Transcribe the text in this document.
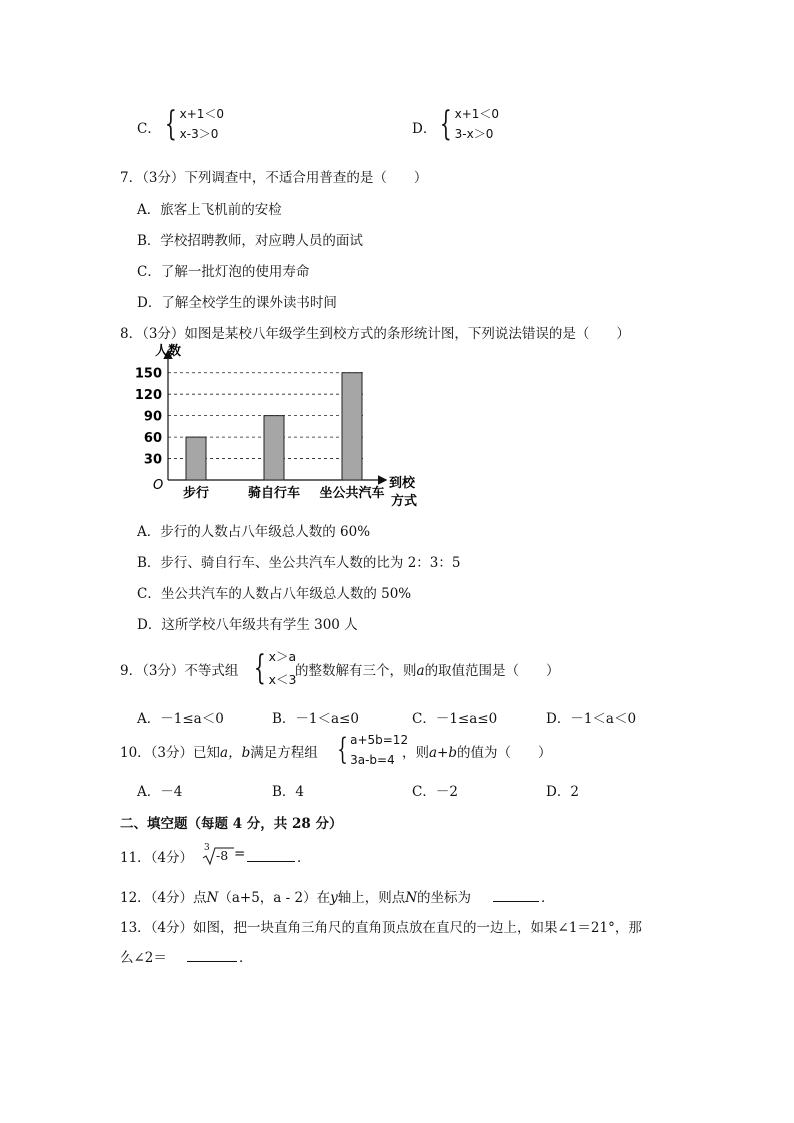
C． { x+1＜0
x-3＞0	D． { x+1＜0
3-x＞0
7．（3分）下列调查中，不适合用普查的是（　　）
A．旅客上飞机前的安检
B．学校招聘教师，对应聘人员的面试
C．了解一批灯泡的使用寿命
D．了解全校学生的课外读书时间
8．（3分）如图是某校八年级学生到校方式的条形统计图，下列说法错误的是（　　）
30
60
90
120
150
步行	骑自行车 坐公共汽车
人数
O	到校
方式
A．步行的人数占八年级总人数的 60%
B．步行、骑自行车、坐公共汽车人数的比为 2：3：5
C．坐公共汽车的人数占八年级总人数的 50%
D．这所学校八年级共有学生 300 人
9．（3分）不等式组 { x＞a
x＜3
的整数解有三个，则a的取值范围是（　　）
A．－1≤a＜0	B．－1＜a≤0	C．－1≤a≤0	D．－1＜a＜0
10．（3分）已知a，b满足方程组 { a+5b=12
3a-b=4 ，则a+b的值为（　　）
A．－4	B．4	C．－2	D．2
二、填空题（每题 4 分，共 28 分）
11．（4分）
3 -8 =	．
12．（4分）点N（a+5，a - 2）在y轴上，则点N的坐标为	．
13．（4分）如图，把一块直角三角尺的直角顶点放在直尺的一边上，如果∠1＝21°，那
么∠2＝	．
